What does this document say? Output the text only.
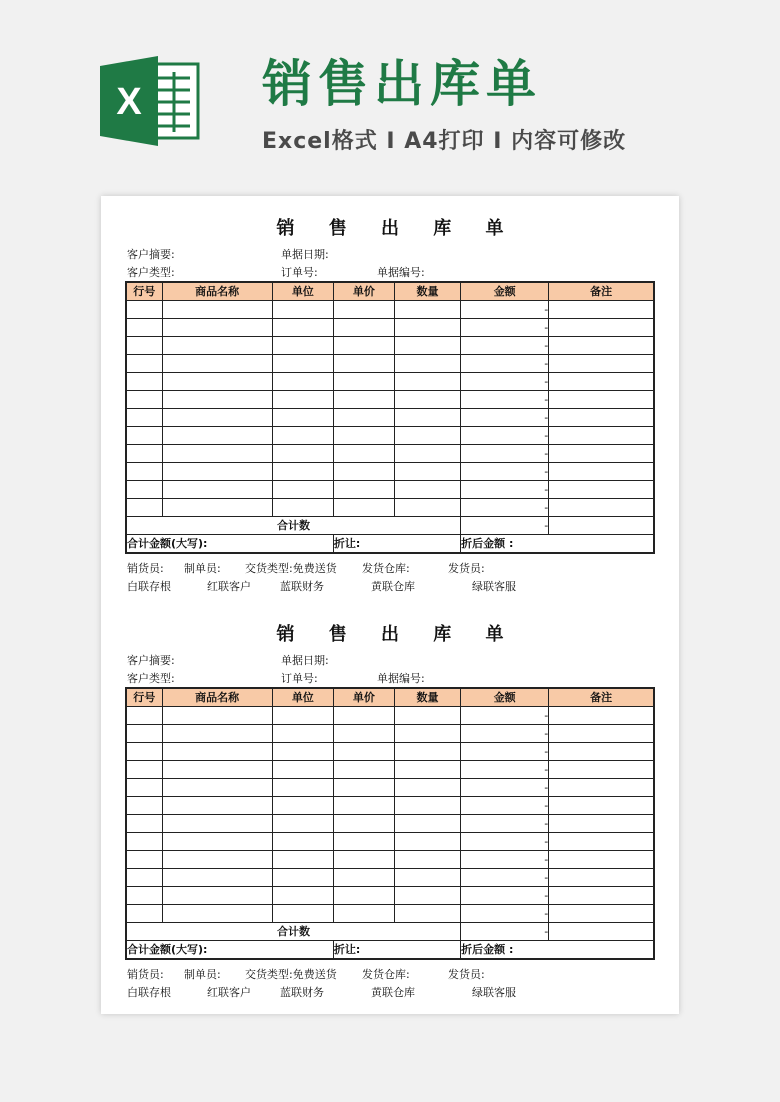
X 销售出库单
Excel格式 I A4打印 I 内容可修改
销 售 出 库 单
客户摘要:	单据日期:
客户类型:	订单号:	单据编号:
行号	商品名称	单位	单价	数量	金额	备注
					-	
					-	
					-	
					-	
					-	
					-	
					-	
					-	
					-	
					-	
					-	
					-	
合计数					-	
合计金额(大写):			折让:		折后金额 :	
销货员: 制单员: 交货类型:免费送货 发货仓库:	发货员:
白联存根	红联客户	蓝联财务	黄联仓库	绿联客服
销 售 出 库 单
客户摘要:	单据日期:
客户类型:	订单号:	单据编号:
行号	商品名称	单位	单价	数量	金额	备注
					-	
					-	
					-	
					-	
					-	
					-	
					-	
					-	
					-	
					-	
					-	
					-	
合计数					-	
合计金额(大写):			折让:		折后金额 :	
销货员: 制单员: 交货类型:免费送货 发货仓库:	发货员:
白联存根	红联客户	蓝联财务	黄联仓库	绿联客服
